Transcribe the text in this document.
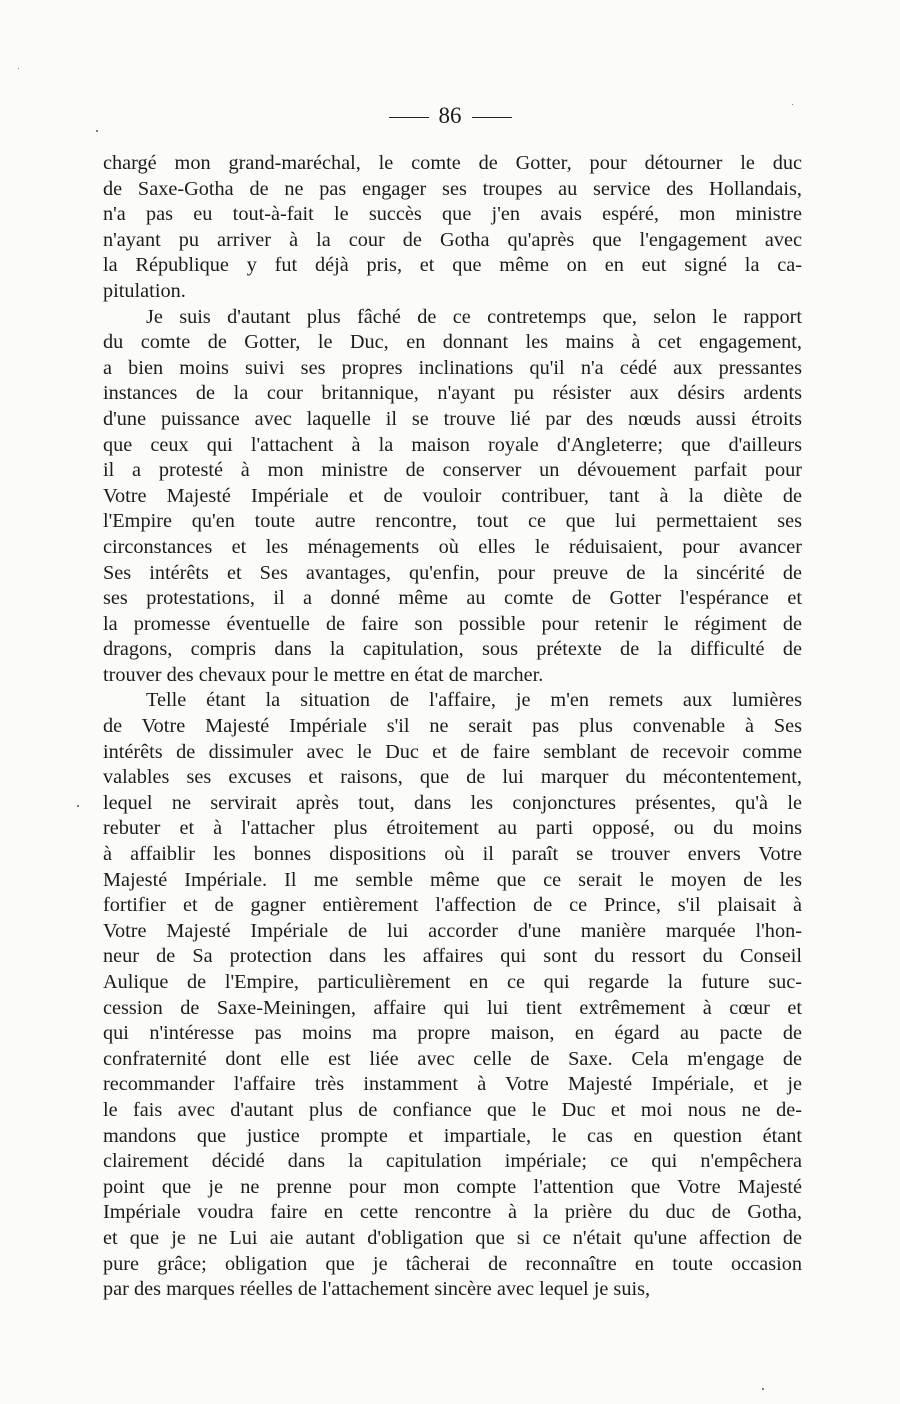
86

chargé mon grand-maréchal, le comte de Gotter, pour détourner le duc
de Saxe-Gotha de ne pas engager ses troupes au service des Hollandais,
n'a pas eu tout-à-fait le succès que j'en avais espéré, mon ministre
n'ayant pu arriver à la cour de Gotha qu'après que l'engagement avec
la République y fut déjà pris, et que même on en eut signé la ca-
pitulation.

Je suis d'autant plus fâché de ce contretemps que, selon le rapport
du comte de Gotter, le Duc, en donnant les mains à cet engagement,
a bien moins suivi ses propres inclinations qu'il n'a cédé aux pressantes
instances de la cour britannique, n'ayant pu résister aux désirs ardents
d'une puissance avec laquelle il se trouve lié par des nœuds aussi étroits
que ceux qui l'attachent à la maison royale d'Angleterre; que d'ailleurs
il a protesté à mon ministre de conserver un dévouement parfait pour
Votre Majesté Impériale et de vouloir contribuer, tant à la diète de
l'Empire qu'en toute autre rencontre, tout ce que lui permettaient ses
circonstances et les ménagements où elles le réduisaient, pour avancer
Ses intérêts et Ses avantages, qu'enfin, pour preuve de la sincérité de
ses protestations, il a donné même au comte de Gotter l'espérance et
la promesse éventuelle de faire son possible pour retenir le régiment de
dragons, compris dans la capitulation, sous prétexte de la difficulté de
trouver des chevaux pour le mettre en état de marcher.

Telle étant la situation de l'affaire, je m'en remets aux lumières
de Votre Majesté Impériale s'il ne serait pas plus convenable à Ses
intérêts de dissimuler avec le Duc et de faire semblant de recevoir comme
valables ses excuses et raisons, que de lui marquer du mécontentement,
lequel ne servirait après tout, dans les conjonctures présentes, qu'à le
rebuter et à l'attacher plus étroitement au parti opposé, ou du moins
à affaiblir les bonnes dispositions où il paraît se trouver envers Votre
Majesté Impériale. Il me semble même que ce serait le moyen de les
fortifier et de gagner entièrement l'affection de ce Prince, s'il plaisait à
Votre Majesté Impériale de lui accorder d'une manière marquée l'hon-
neur de Sa protection dans les affaires qui sont du ressort du Conseil
Aulique de l'Empire, particulièrement en ce qui regarde la future suc-
cession de Saxe-Meiningen, affaire qui lui tient extrêmement à cœur et
qui n'intéresse pas moins ma propre maison, en égard au pacte de
confraternité dont elle est liée avec celle de Saxe. Cela m'engage de
recommander l'affaire très instamment à Votre Majesté Impériale, et je
le fais avec d'autant plus de confiance que le Duc et moi nous ne de-
mandons que justice prompte et impartiale, le cas en question étant
clairement décidé dans la capitulation impériale; ce qui n'empêchera
point que je ne prenne pour mon compte l'attention que Votre Majesté
Impériale voudra faire en cette rencontre à la prière du duc de Gotha,
et que je ne Lui aie autant d'obligation que si ce n'était qu'une affection de
pure grâce; obligation que je tâcherai de reconnaître en toute occasion
par des marques réelles de l'attachement sincère avec lequel je suis,
